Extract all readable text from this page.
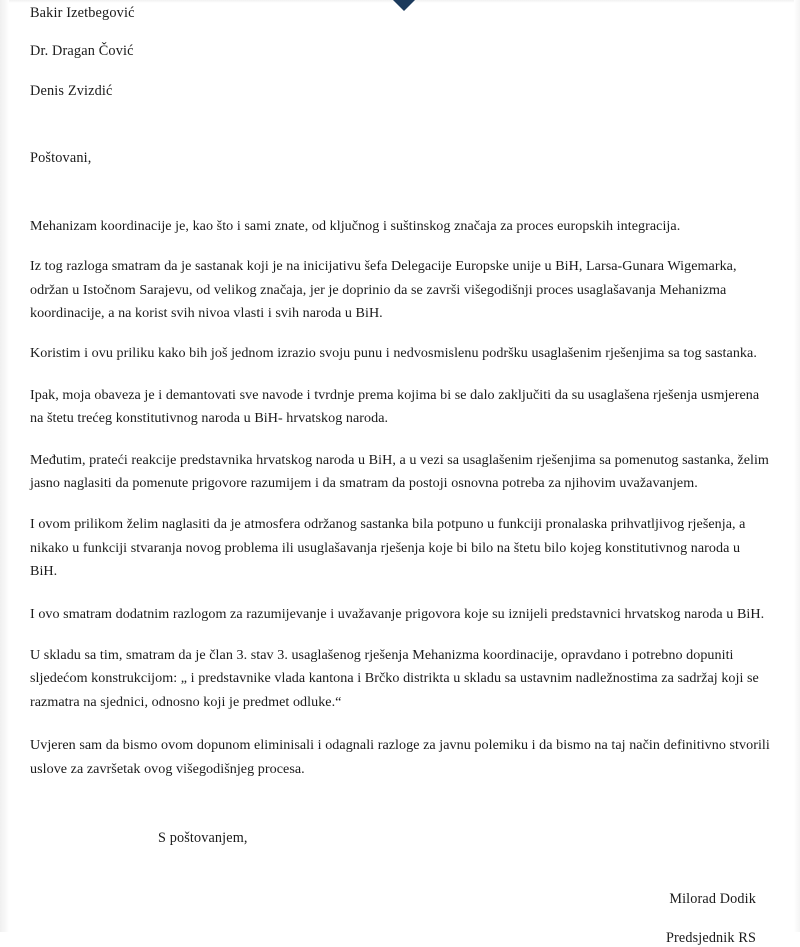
Bakir Izetbegović
Dr. Dragan Čović
Denis Zvizdić
Poštovani,

Mehanizam koordinacije je, kao što i sami znate, od ključnog i suštinskog značaja za proces europskih integracija.

Iz tog razloga smatram da je sastanak koji je na inicijativu šefa Delegacije Europske unije u BiH, Larsa-Gunara Wigemarka, održan u Istočnom Sarajevu, od velikog značaja, jer je doprinio da se završi višegodišnji proces usaglašavanja Mehanizma koordinacije, a na korist svih nivoa vlasti i svih naroda u BiH.

Koristim i ovu priliku kako bih još jednom izrazio svoju punu i nedvosmislenu podršku usaglašenim rješenjima sa tog sastanka.

Ipak, moja obaveza je i demantovati sve navode i tvrdnje prema kojima bi se dalo zaključiti da su usaglašena rješenja usmjerena na štetu trećeg konstitutivnog naroda u BiH- hrvatskog naroda.

Međutim, prateći reakcije predstavnika hrvatskog naroda u BiH, a u vezi sa usaglašenim rješenjima sa pomenutog sastanka, želim jasno naglasiti da pomenute prigovore razumijem i da smatram da postoji osnovna potreba za njihovim uvažavanjem.

I ovom prilikom želim naglasiti da je atmosfera održanog sastanka bila potpuno u funkciji pronalaska prihvatljivog rješenja, a nikako u funkciji stvaranja novog problema ili usuglašavanja rješenja koje bi bilo na štetu bilo kojeg konstitutivnog naroda u BiH.

I ovo smatram dodatnim razlogom za razumijevanje i uvažavanje prigovora koje su iznijeli predstavnici hrvatskog naroda u BiH.

U skladu sa tim, smatram da je član 3. stav 3. usaglašenog rješenja Mehanizma koordinacije, opravdano i potrebno dopuniti sljedećom konstrukcijom: „ i predstavnike vlada kantona i Brčko distrikta u skladu sa ustavnim nadležnostima za sadržaj koji se razmatra na sjednici, odnosno koji je predmet odluke.“

Uvjeren sam da bismo ovom dopunom eliminisali i odagnali razloge za javnu polemiku i da bismo na taj način definitivno stvorili uslove za završetak ovog višegodišnjeg procesa.

S poštovanjem,
Milorad Dodik
Predsjednik RS
